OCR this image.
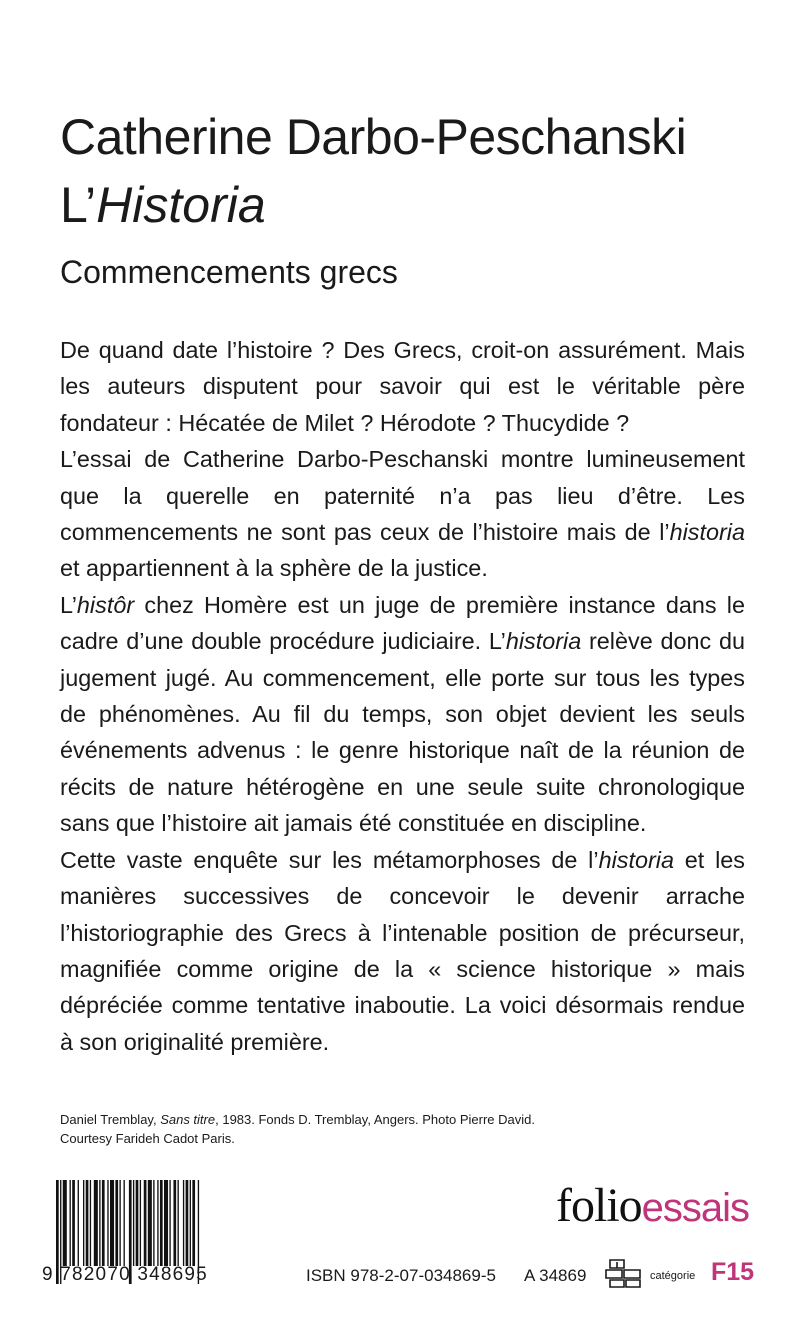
Catherine Darbo-Peschanski
L’Historia
Commencements grecs

De quand date l’histoire ? Des Grecs, croit-on assurément. Mais les auteurs disputent pour savoir qui est le véritable père fondateur : Hécatée de Milet ? Hérodote ? Thucydide ?

L’essai de Catherine Darbo-Peschanski montre lumineusement que la querelle en paternité n’a pas lieu d’être. Les commencements ne sont pas ceux de l’histoire mais de l’historia et appartiennent à la sphère de la justice.

L’histôr chez Homère est un juge de première instance dans le cadre d’une double procédure judiciaire. L’historia relève donc du jugement jugé. Au commencement, elle porte sur tous les types de phénomènes. Au fil du temps, son objet devient les seuls événements advenus : le genre historique naît de la réunion de récits de nature hétérogène en une seule suite chronologique sans que l’histoire ait jamais été constituée en discipline.

Cette vaste enquête sur les métamorphoses de l’historia et les manières successives de concevoir le devenir arrache l’historiographie des Grecs à l’intenable position de précurseur, magnifiée comme origine de la « science historique » mais dépréciée comme tentative inaboutie. La voici désormais rendue à son originalité première.

Daniel Tremblay, Sans titre, 1983. Fonds D. Tremblay, Angers. Photo Pierre David.
Courtesy Farideh Cadot Paris.
9 782070 348695	ISBN 978-2-07-034869-5 A 34869
folioessais
catégorie F15
